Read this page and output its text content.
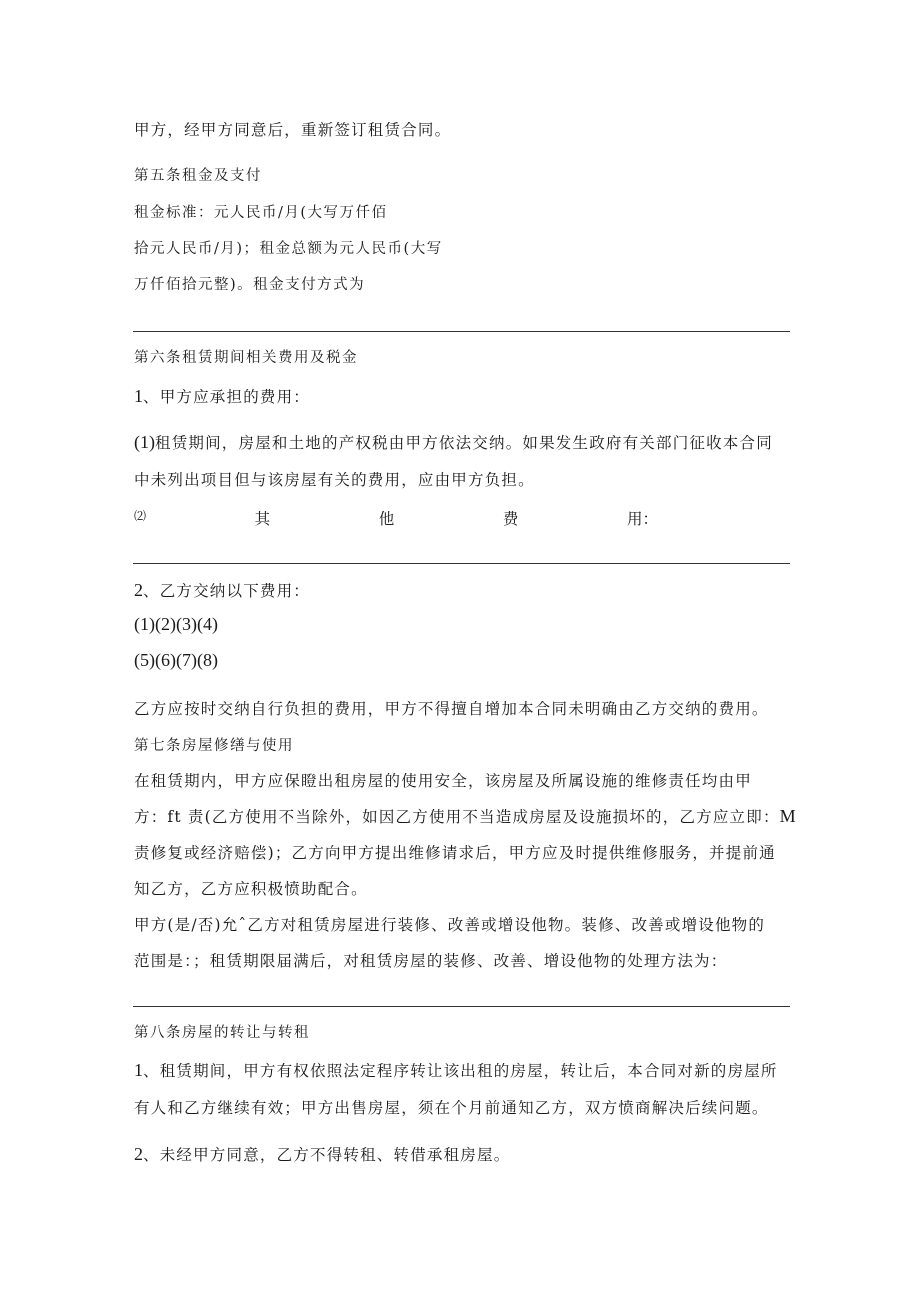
甲方，经甲方同意后，重新签订租赁合同。
第五条租金及支付
租金标准：元人民币/月(大写万仟佰
拾元人民币/月)；租金总额为元人民币(大写
万仟佰拾元整)。租金支付方式为
第六条租赁期间相关费用及税金
1、甲方应承担的费用：
(1)租赁期间，房屋和土地的产权税由甲方依法交纳。如果发生政府有关部门征收本合同
中未列出项目但与该房屋有关的费用，应由甲方负担。
⑵	其	他	费	用：
2、乙方交纳以下费用：
(1)(2)(3)(4)
(5)(6)(7)(8)
乙方应按时交纳自行负担的费用，甲方不得擅自增加本合同未明确由乙方交纳的费用。
第七条房屋修缮与使用
在租赁期内，甲方应保瞪出租房屋的使用安全，该房屋及所属设施的维修责任均由甲
方：ft 责(乙方使用不当除外，如因乙方使用不当造成房屋及设施损坏的，乙方应立即：M
责修复或经济赔偿)；乙方向甲方提出维修请求后，甲方应及时提供维修服务，并提前通
知乙方，乙方应积极愤助配合。
甲方(是/否)允ˆ乙方对租赁房屋进行装修、改善或增设他物。装修、改善或增设他物的
范围是：；租赁期限届满后，对租赁房屋的装修、改善、增设他物的处理方法为：
第八条房屋的转让与转租
1、租赁期间，甲方有权依照法定程序转让该出租的房屋，转让后，本合同对新的房屋所
有人和乙方继续有效；甲方出售房屋，须在个月前通知乙方，双方愤商解决后续问题。
2、未经甲方同意，乙方不得转租、转借承租房屋。
